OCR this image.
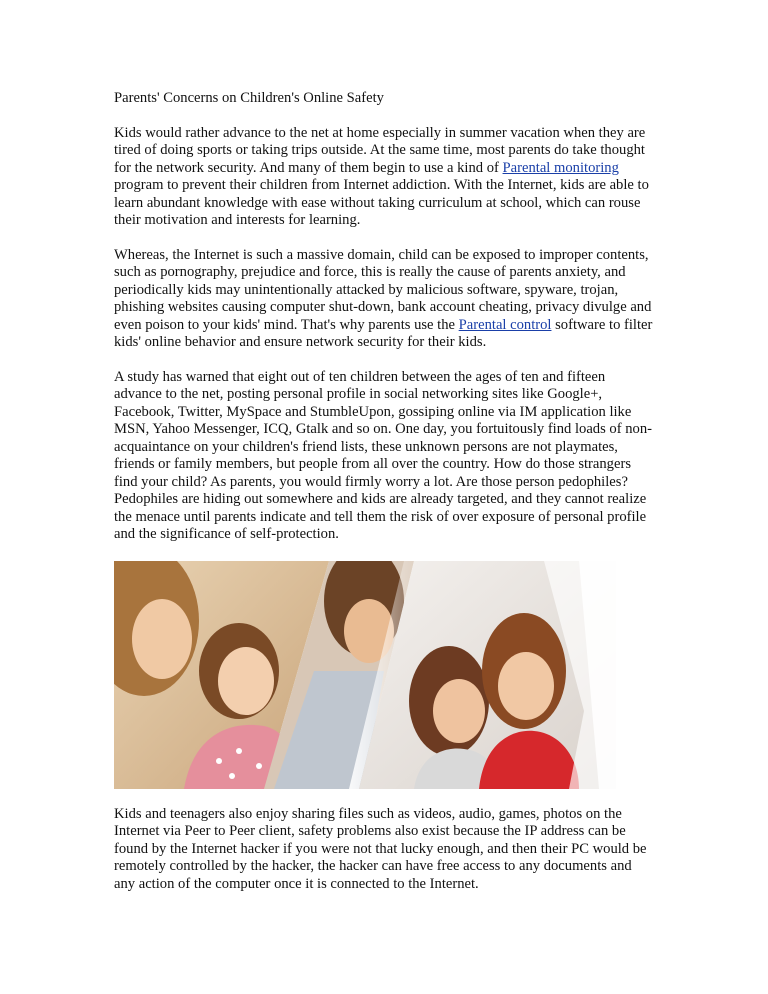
Parents' Concerns on Children's Online Safety

Kids would rather advance to the net at home especially in summer vacation when they are tired of doing sports or taking trips outside. At the same time, most parents do take thought for the network security. And many of them begin to use a kind of Parental monitoring program to prevent their children from Internet addiction. With the Internet, kids are able to learn abundant knowledge with ease without taking curriculum at school, which can rouse their motivation and interests for learning.

Whereas, the Internet is such a massive domain, child can be exposed to improper contents, such as pornography, prejudice and force, this is really the cause of parents anxiety, and periodically kids may unintentionally attacked by malicious software, spyware, trojan, phishing websites causing computer shut-down, bank account cheating, privacy divulge and even poison to your kids' mind. That's why parents use the Parental control software to filter kids' online behavior and ensure network security for their kids.

A study has warned that eight out of ten children between the ages of ten and fifteen advance to the net, posting personal profile in social networking sites like Google+, Facebook, Twitter, MySpace and StumbleUpon, gossiping online via IM application like MSN, Yahoo Messenger, ICQ, Gtalk and so on. One day, you fortuitously find loads of non-acquaintance on your children's friend lists, these unknown persons are not playmates, friends or family members, but people from all over the country. How do those strangers find your child? As parents, you would firmly worry a lot. Are those person pedophiles? Pedophiles are hiding out somewhere and kids are already targeted, and they cannot realize the menace until parents indicate and tell them the risk of over exposure of personal profile and the significance of self-protection.

Kids and teenagers also enjoy sharing files such as videos, audio, games, photos on the Internet via Peer to Peer client, safety problems also exist because the IP address can be found by the Internet hacker if you were not that lucky enough, and then their PC would be remotely controlled by the hacker, the hacker can have free access to any documents and any action of the computer once it is connected to the Internet.
